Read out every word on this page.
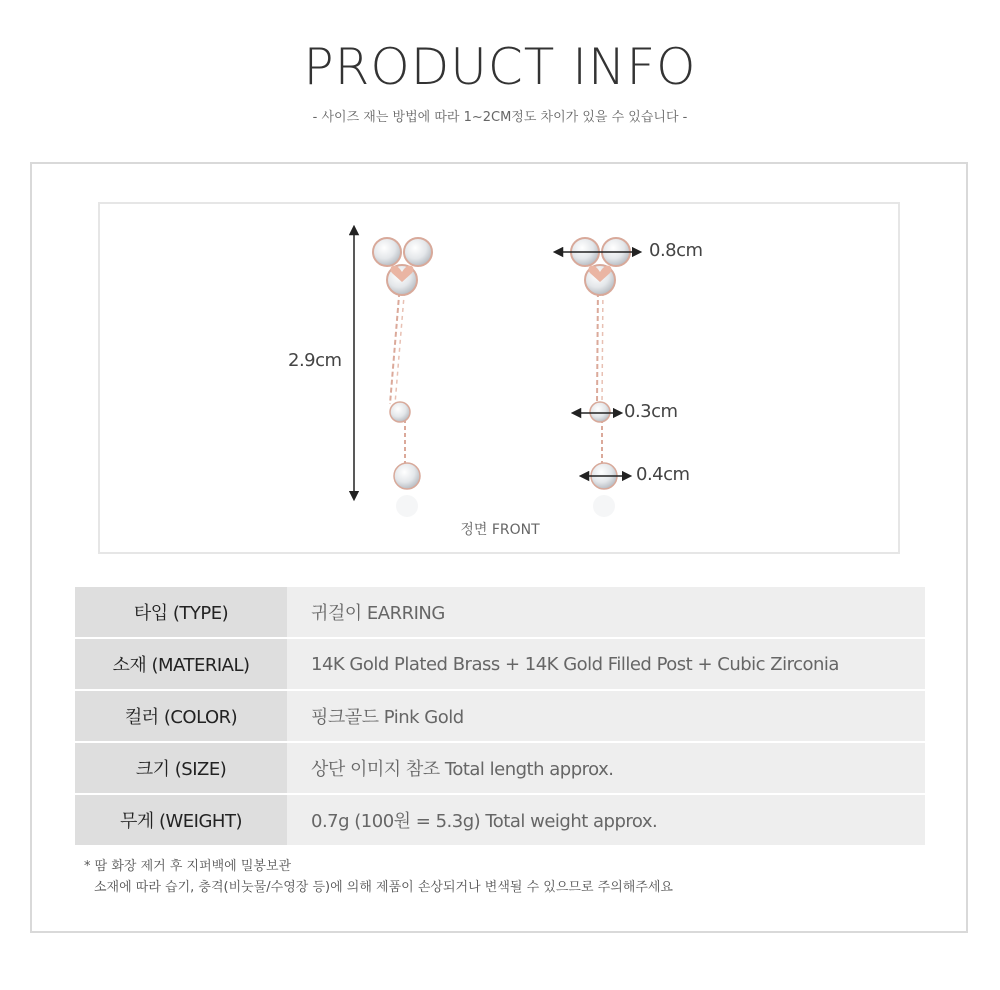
PRODUCT INFO
- 사이즈 재는 방법에 따라 1~2CM정도 차이가 있을 수 있습니다 -
2.9cm
0.8cm
0.3cm
0.4cm
정면 FRONT
타입 (TYPE)	귀걸이 EARRING
소재 (MATERIAL)	14K Gold Plated Brass + 14K Gold Filled Post + Cubic Zirconia
컬러 (COLOR)	핑크골드 Pink Gold
크기 (SIZE)	상단 이미지 참조 Total length approx.
무게 (WEIGHT)	0.7g (100원 = 5.3g) Total weight approx.
* 땀 화장 제거 후 지퍼백에 밀봉보관
소재에 따라 습기, 충격(비눗물/수영장 등)에 의해 제품이 손상되거나 변색될 수 있으므로 주의해주세요
